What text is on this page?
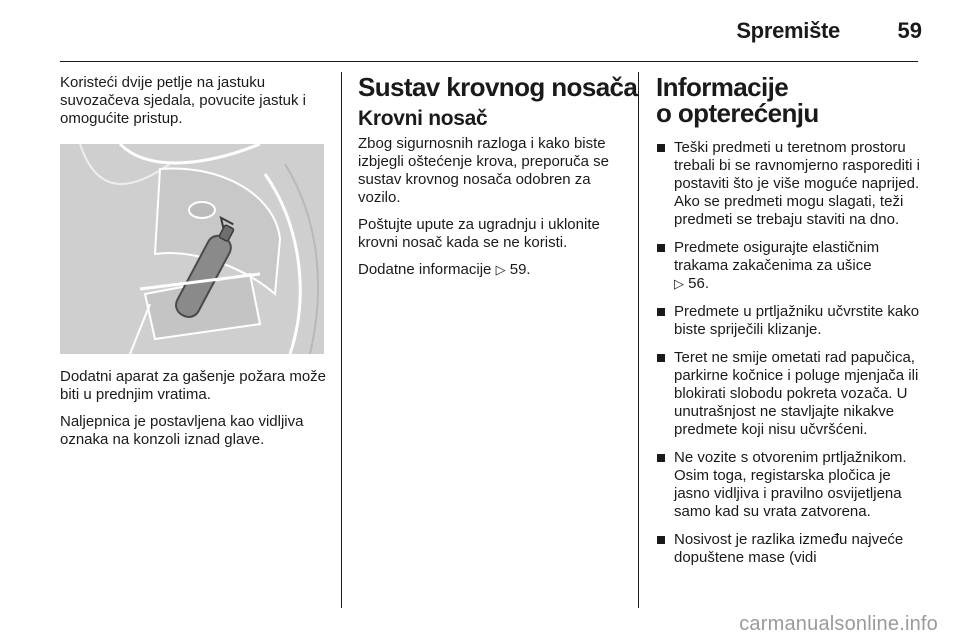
Spremište	59

Koristeći dvije petlje na jastuku suvozačeva sjedala, povucite jastuk i omogućite pristup.

Dodatni aparat za gašenje požara može biti u prednjim vratima.

Naljepnica je postavljena kao vidljiva oznaka na konzoli iznad glave.

Sustav krovnog nosača
Krovni nosač

Zbog sigurnosnih razloga i kako biste izbjegli oštećenje krova, preporuča se sustav krovnog nosača odobren za vozilo.

Poštujte upute za ugradnju i uklonite krovni nosač kada se ne koristi.

Dodatne informacije ▷ 59.

Informacije
o opterećenju
Teški predmeti u teretnom prostoru trebali bi se ravnomjerno rasporediti i postaviti što je više moguće naprijed. Ako se predmeti mogu slagati, teži predmeti se trebaju staviti na dno.
Predmete osigurajte elastičnim trakama zakačenima za ušice
▷ 56.
Predmete u prtljažniku učvrstite kako biste spriječili klizanje.
Teret ne smije ometati rad papučica, parkirne kočnice i poluge mjenjača ili blokirati slobodu pokreta vozača. U unutrašnjost ne stavljajte nikakve predmete koji nisu učvršćeni.
Ne vozite s otvorenim prtljažnikom. Osim toga, registarska pločica je jasno vidljiva i pravilno osvijetljena samo kad su vrata zatvorena.
Nosivost je razlika između najveće dopuštene mase (vidi
carmanualsonline.info
